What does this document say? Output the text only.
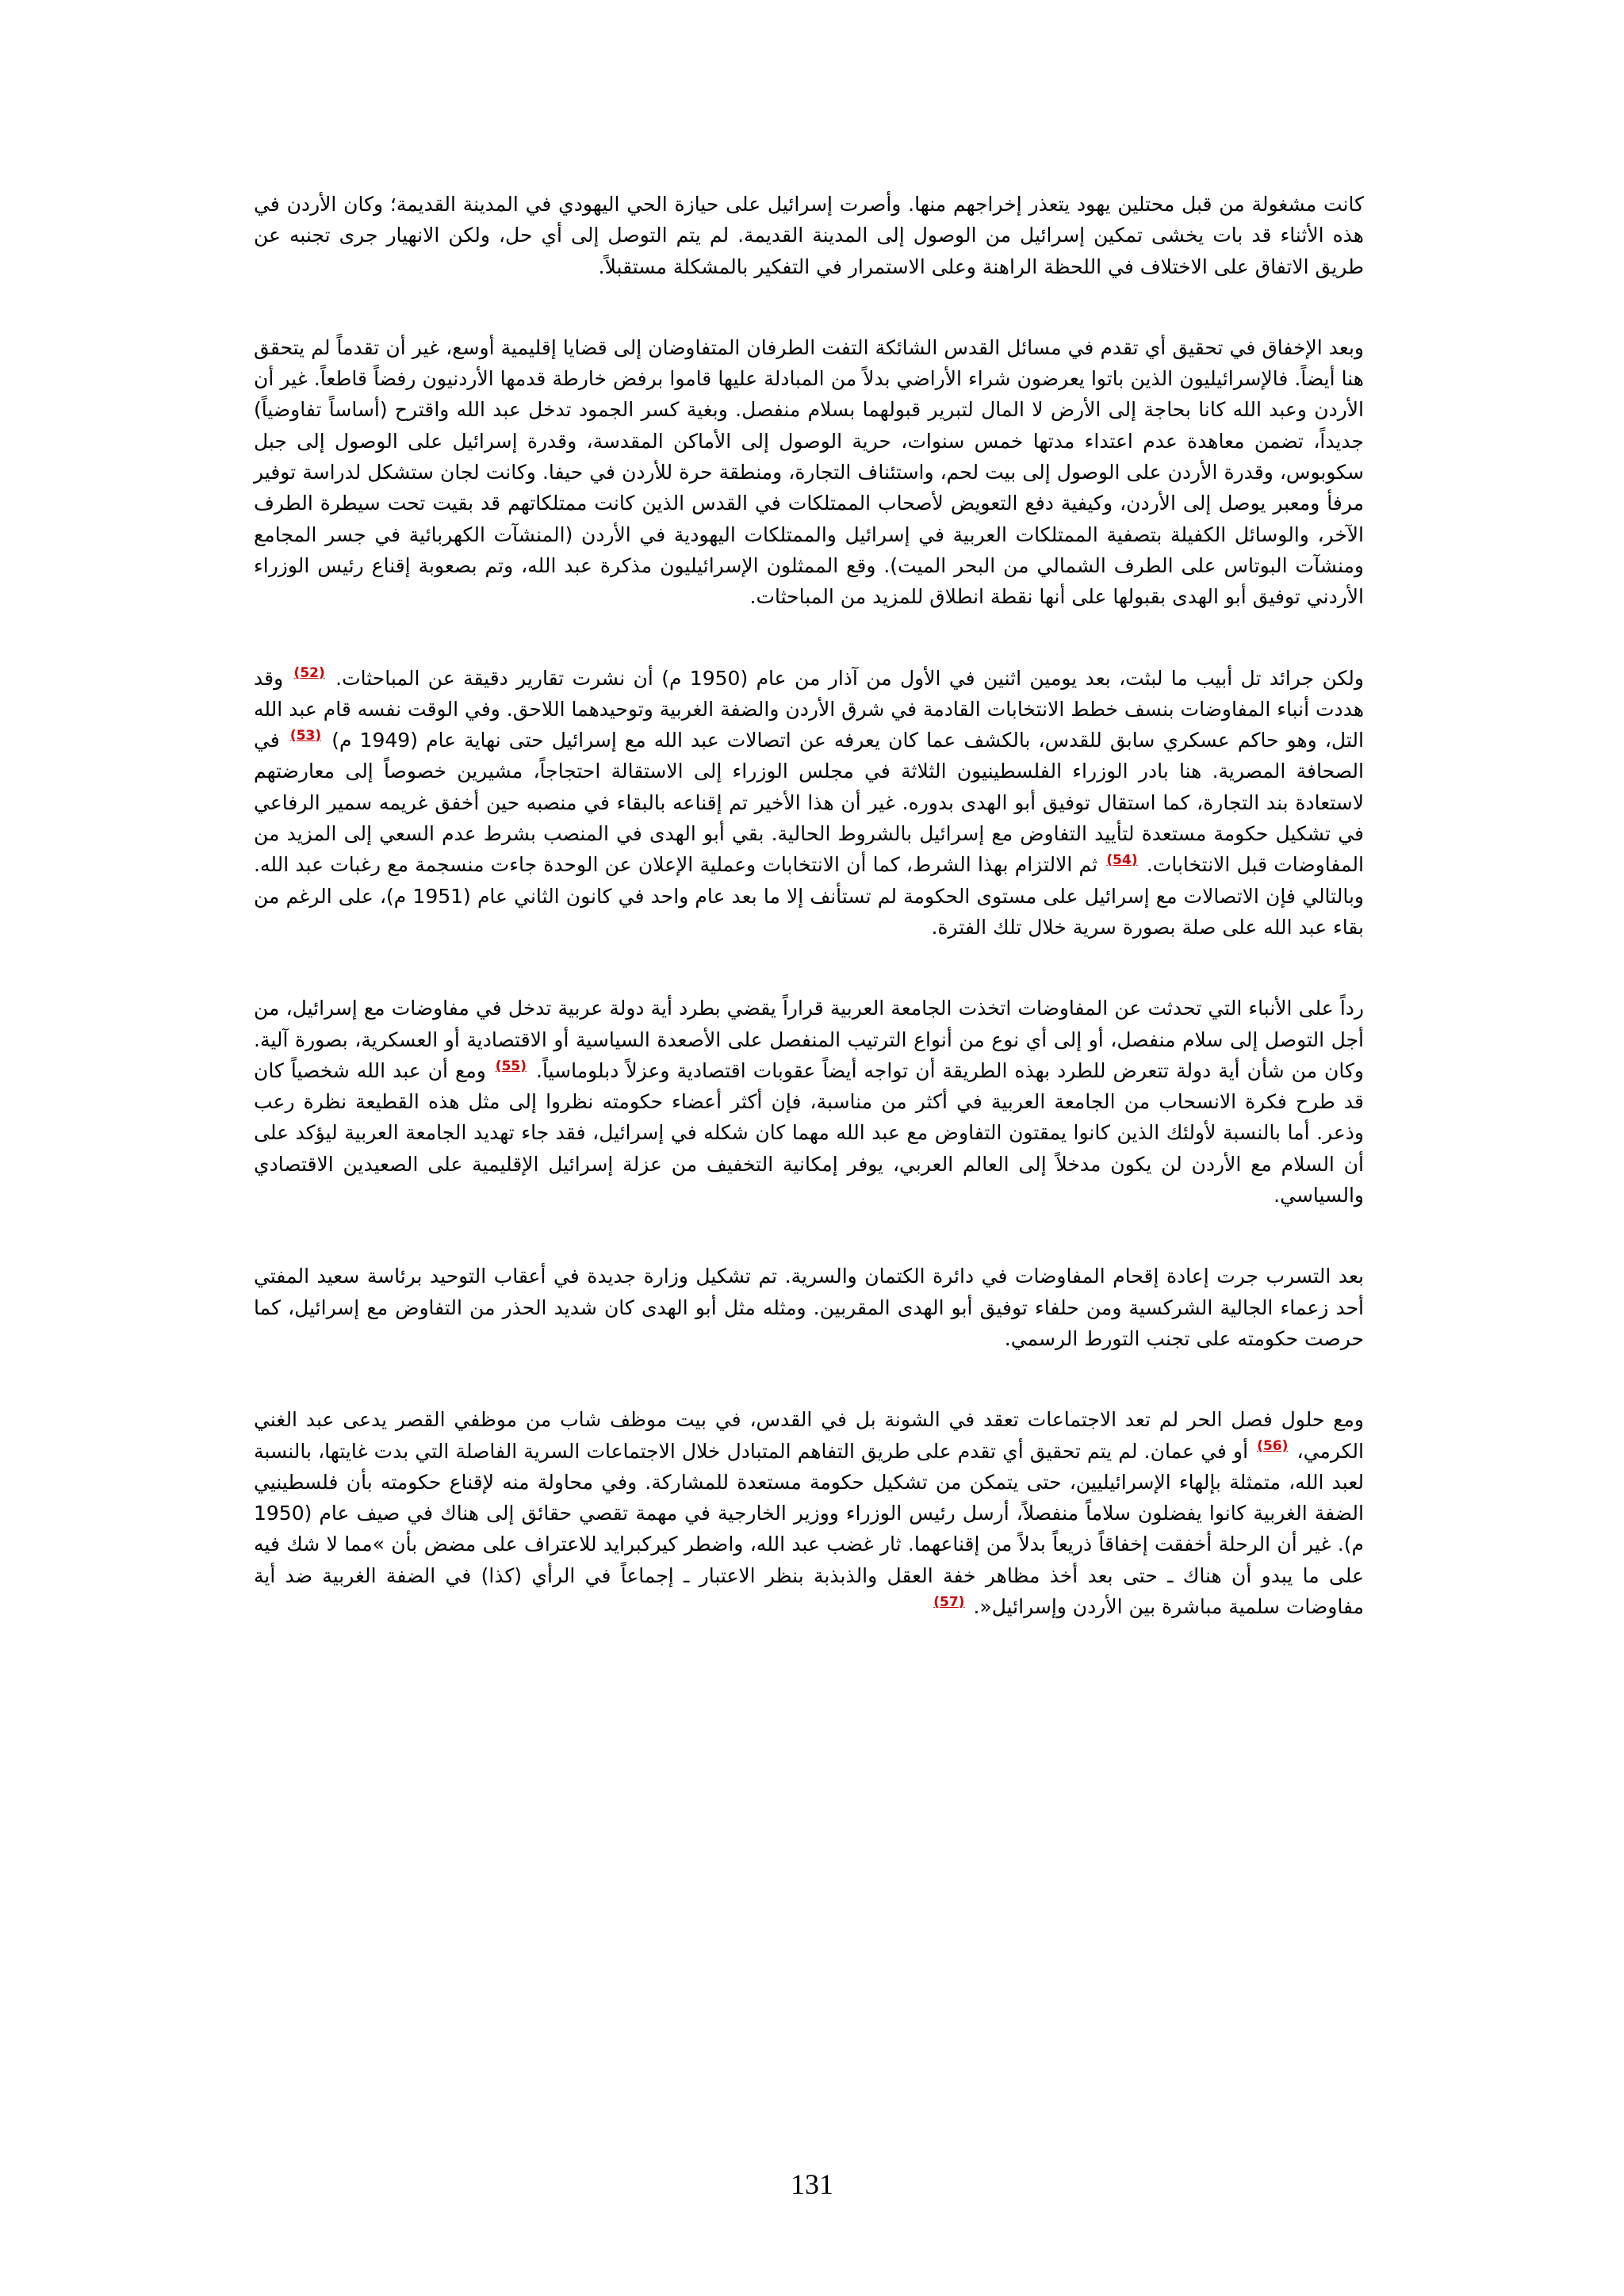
كانت مشغولة من قبل محتلين يهود يتعذر إخراجهم منها. وأصرت إسرائيل على حيازة الحي اليهودي في المدينة القديمة؛ وكان الأردن في هذه الأثناء قد بات يخشى تمكين إسرائيل من الوصول إلى المدينة القديمة. لم يتم التوصل إلى أي حل، ولكن الانهيار جرى تجنبه عن طريق الاتفاق على الاختلاف في اللحظة الراهنة وعلى الاستمرار في التفكير بالمشكلة مستقبلاً.

وبعد الإخفاق في تحقيق أي تقدم في مسائل القدس الشائكة التفت الطرفان المتفاوضان إلى قضايا إقليمية أوسع، غير أن تقدماً لم يتحقق هنا أيضاً. فالإسرائيليون الذين باتوا يعرضون شراء الأراضي بدلاً من المبادلة عليها قاموا برفض خارطة قدمها الأردنيون رفضاً قاطعاً. غير أن الأردن وعبد الله كانا بحاجة إلى الأرض لا المال لتبرير قبولهما بسلام منفصل. وبغية كسر الجمود تدخل عبد الله واقترح (أساساً تفاوضياً) جديداً، تضمن معاهدة عدم اعتداء مدتها خمس سنوات، حرية الوصول إلى الأماكن المقدسة، وقدرة إسرائيل على الوصول إلى جبل سكوبوس، وقدرة الأردن على الوصول إلى بيت لحم، واستئناف التجارة، ومنطقة حرة للأردن في حيفا. وكانت لجان ستشكل لدراسة توفير مرفأ ومعبر يوصل إلى الأردن، وكيفية دفع التعويض لأصحاب الممتلكات في القدس الذين كانت ممتلكاتهم قد بقيت تحت سيطرة الطرف الآخر، والوسائل الكفيلة بتصفية الممتلكات العربية في إسرائيل والممتلكات اليهودية في الأردن (المنشآت الكهربائية في جسر المجامع ومنشآت البوتاس على الطرف الشمالي من البحر الميت). وقع الممثلون الإسرائيليون مذكرة عبد الله، وتم بصعوبة إقناع رئيس الوزراء الأردني توفيق أبو الهدى بقبولها على أنها نقطة انطلاق للمزيد من المباحثات.

ولكن جرائد تل أبيب ما لبثت، بعد يومين اثنين في الأول من آذار من عام (1950 م) أن نشرت تقارير دقيقة عن المباحثات. $^{(52)}$ وقد هددت أنباء المفاوضات بنسف خطط الانتخابات القادمة في شرق الأردن والضفة الغربية وتوحيدهما اللاحق. وفي الوقت نفسه قام عبد الله التل، وهو حاكم عسكري سابق للقدس، بالكشف عما كان يعرفه عن اتصالات عبد الله مع إسرائيل حتى نهاية عام (1949 م) $^{(53)}$ في الصحافة المصرية. هنا بادر الوزراء الفلسطينيون الثلاثة في مجلس الوزراء إلى الاستقالة احتجاجاً، مشيرين خصوصاً إلى معارضتهم لاستعادة بند التجارة، كما استقال توفيق أبو الهدى بدوره. غير أن هذا الأخير تم إقناعه بالبقاء في منصبه حين أخفق غريمه سمير الرفاعي في تشكيل حكومة مستعدة لتأييد التفاوض مع إسرائيل بالشروط الحالية. بقي أبو الهدى في المنصب بشرط عدم السعي إلى المزيد من المفاوضات قبل الانتخابات. $^{(54)}$ ثم الالتزام بهذا الشرط، كما أن الانتخابات وعملية الإعلان عن الوحدة جاءت منسجمة مع رغبات عبد الله. وبالتالي فإن الاتصالات مع إسرائيل على مستوى الحكومة لم تستأنف إلا ما بعد عام واحد في كانون الثاني عام (1951 م)، على الرغم من بقاء عبد الله على صلة بصورة سرية خلال تلك الفترة.

رداً على الأنباء التي تحدثت عن المفاوضات اتخذت الجامعة العربية قراراً يقضي بطرد أية دولة عربية تدخل في مفاوضات مع إسرائيل، من أجل التوصل إلى سلام منفصل، أو إلى أي نوع من أنواع الترتيب المنفصل على الأصعدة السياسية أو الاقتصادية أو العسكرية، بصورة آلية. وكان من شأن أية دولة تتعرض للطرد بهذه الطريقة أن تواجه أيضاً عقوبات اقتصادية وعزلاً دبلوماسياً. $^{(55)}$ ومع أن عبد الله شخصياً كان قد طرح فكرة الانسحاب من الجامعة العربية في أكثر من مناسبة، فإن أكثر أعضاء حكومته نظروا إلى مثل هذه القطيعة نظرة رعب وذعر. أما بالنسبة لأولئك الذين كانوا يمقتون التفاوض مع عبد الله مهما كان شكله في إسرائيل، فقد جاء تهديد الجامعة العربية ليؤكد على أن السلام مع الأردن لن يكون مدخلاً إلى العالم العربي، يوفر إمكانية التخفيف من عزلة إسرائيل الإقليمية على الصعيدين الاقتصادي والسياسي.

بعد التسرب جرت إعادة إقحام المفاوضات في دائرة الكتمان والسرية. تم تشكيل وزارة جديدة في أعقاب التوحيد برئاسة سعيد المفتي أحد زعماء الجالية الشركسية ومن حلفاء توفيق أبو الهدى المقربين. ومثله مثل أبو الهدى كان شديد الحذر من التفاوض مع إسرائيل، كما حرصت حكومته على تجنب التورط الرسمي.

ومع حلول فصل الحر لم تعد الاجتماعات تعقد في الشونة بل في القدس، في بيت موظف شاب من موظفي القصر يدعى عبد الغني الكرمي، $^{(56)}$ أو في عمان. لم يتم تحقيق أي تقدم على طريق التفاهم المتبادل خلال الاجتماعات السرية الفاصلة التي بدت غايتها، بالنسبة لعبد الله، متمثلة بإلهاء الإسرائيليين، حتى يتمكن من تشكيل حكومة مستعدة للمشاركة. وفي محاولة منه لإقناع حكومته بأن فلسطينيي الضفة الغربية كانوا يفضلون سلاماً منفصلاً، أرسل رئيس الوزراء ووزير الخارجية في مهمة تقصي حقائق إلى هناك في صيف عام (1950 م). غير أن الرحلة أخفقت إخفاقاً ذريعاً بدلاً من إقناعهما. ثار غضب عبد الله، واضطر كيركبرايد للاعتراف على مضض بأن »مما لا شك فيه على ما يبدو أن هناك ـ حتى بعد أخذ مظاهر خفة العقل والذبذبة بنظر الاعتبار ـ إجماعاً في الرأي (كذا) في الضفة الغربية ضد أية مفاوضات سلمية مباشرة بين الأردن وإسرائيل«. $^{(57)}$

131
